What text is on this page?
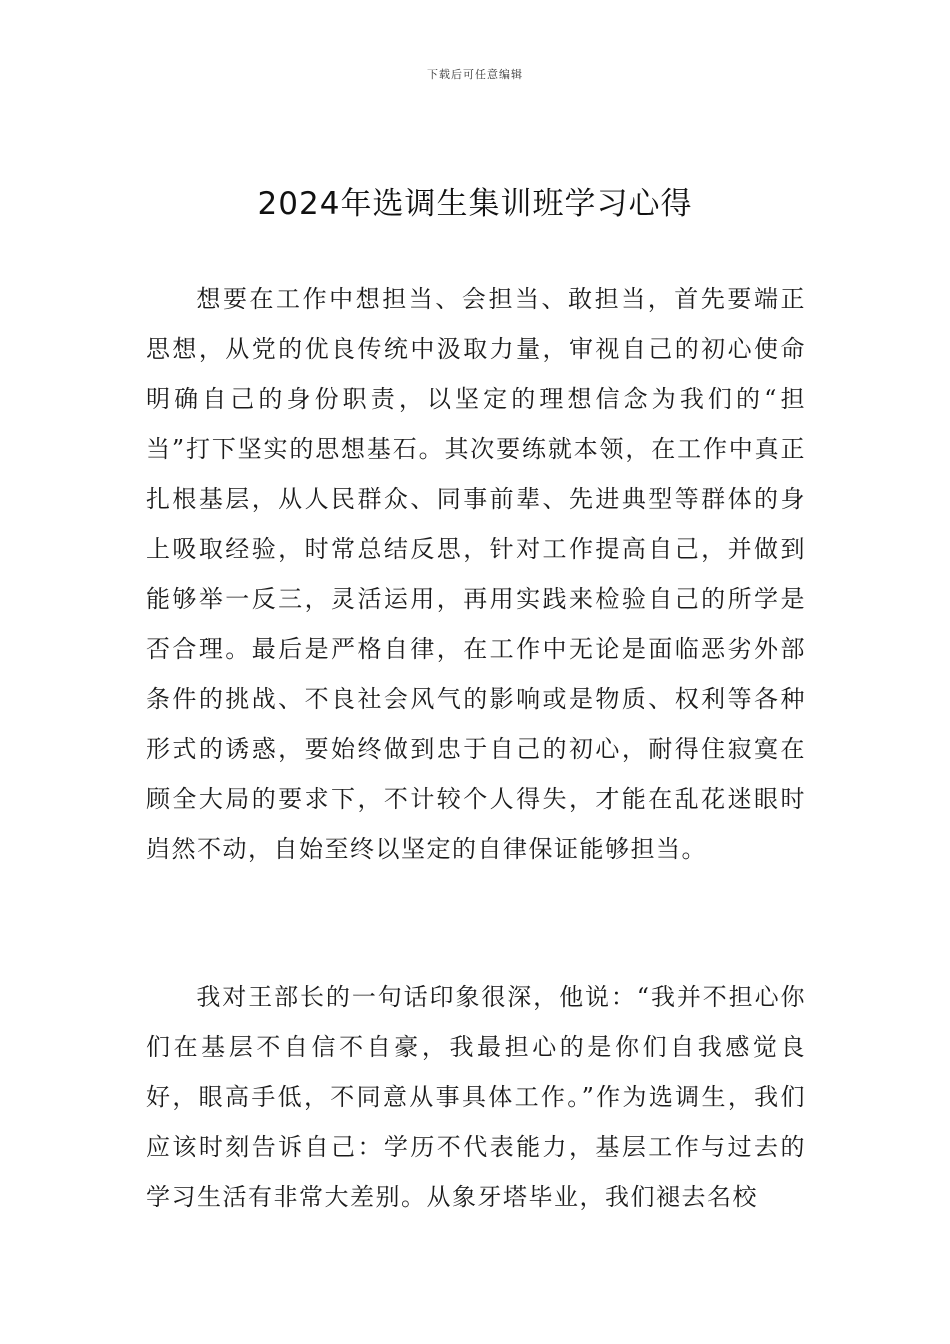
下载后可任意编辑
2024年选调生集训班学习心得

想要在工作中想担当、会担当、敢担当，首先要端正思想，从党的优良传统中汲取力量，审视自己的初心使命明确自己的身份职责，以坚定的理想信念为我们的“担当”打下坚实的思想基石。其次要练就本领，在工作中真正扎根基层，从人民群众、同事前辈、先进典型等群体的身上吸取经验，时常总结反思，针对工作提高自己，并做到能够举一反三，灵活运用，再用实践来检验自己的所学是否合理。最后是严格自律，在工作中无论是面临恶劣外部条件的挑战、不良社会风气的影响或是物质、权利等各种形式的诱惑，要始终做到忠于自己的初心，耐得住寂寞在顾全大局的要求下，不计较个人得失，才能在乱花迷眼时岿然不动，自始至终以坚定的自律保证能够担当。

我对王部长的一句话印象很深，他说：“我并不担心你们在基层不自信不自豪，我最担心的是你们自我感觉良好，眼高手低，不同意从事具体工作。”作为选调生，我们应该时刻告诉自己：学历不代表能力，基层工作与过去的学习生活有非常大差别。从象牙塔毕业，我们褪去名校
